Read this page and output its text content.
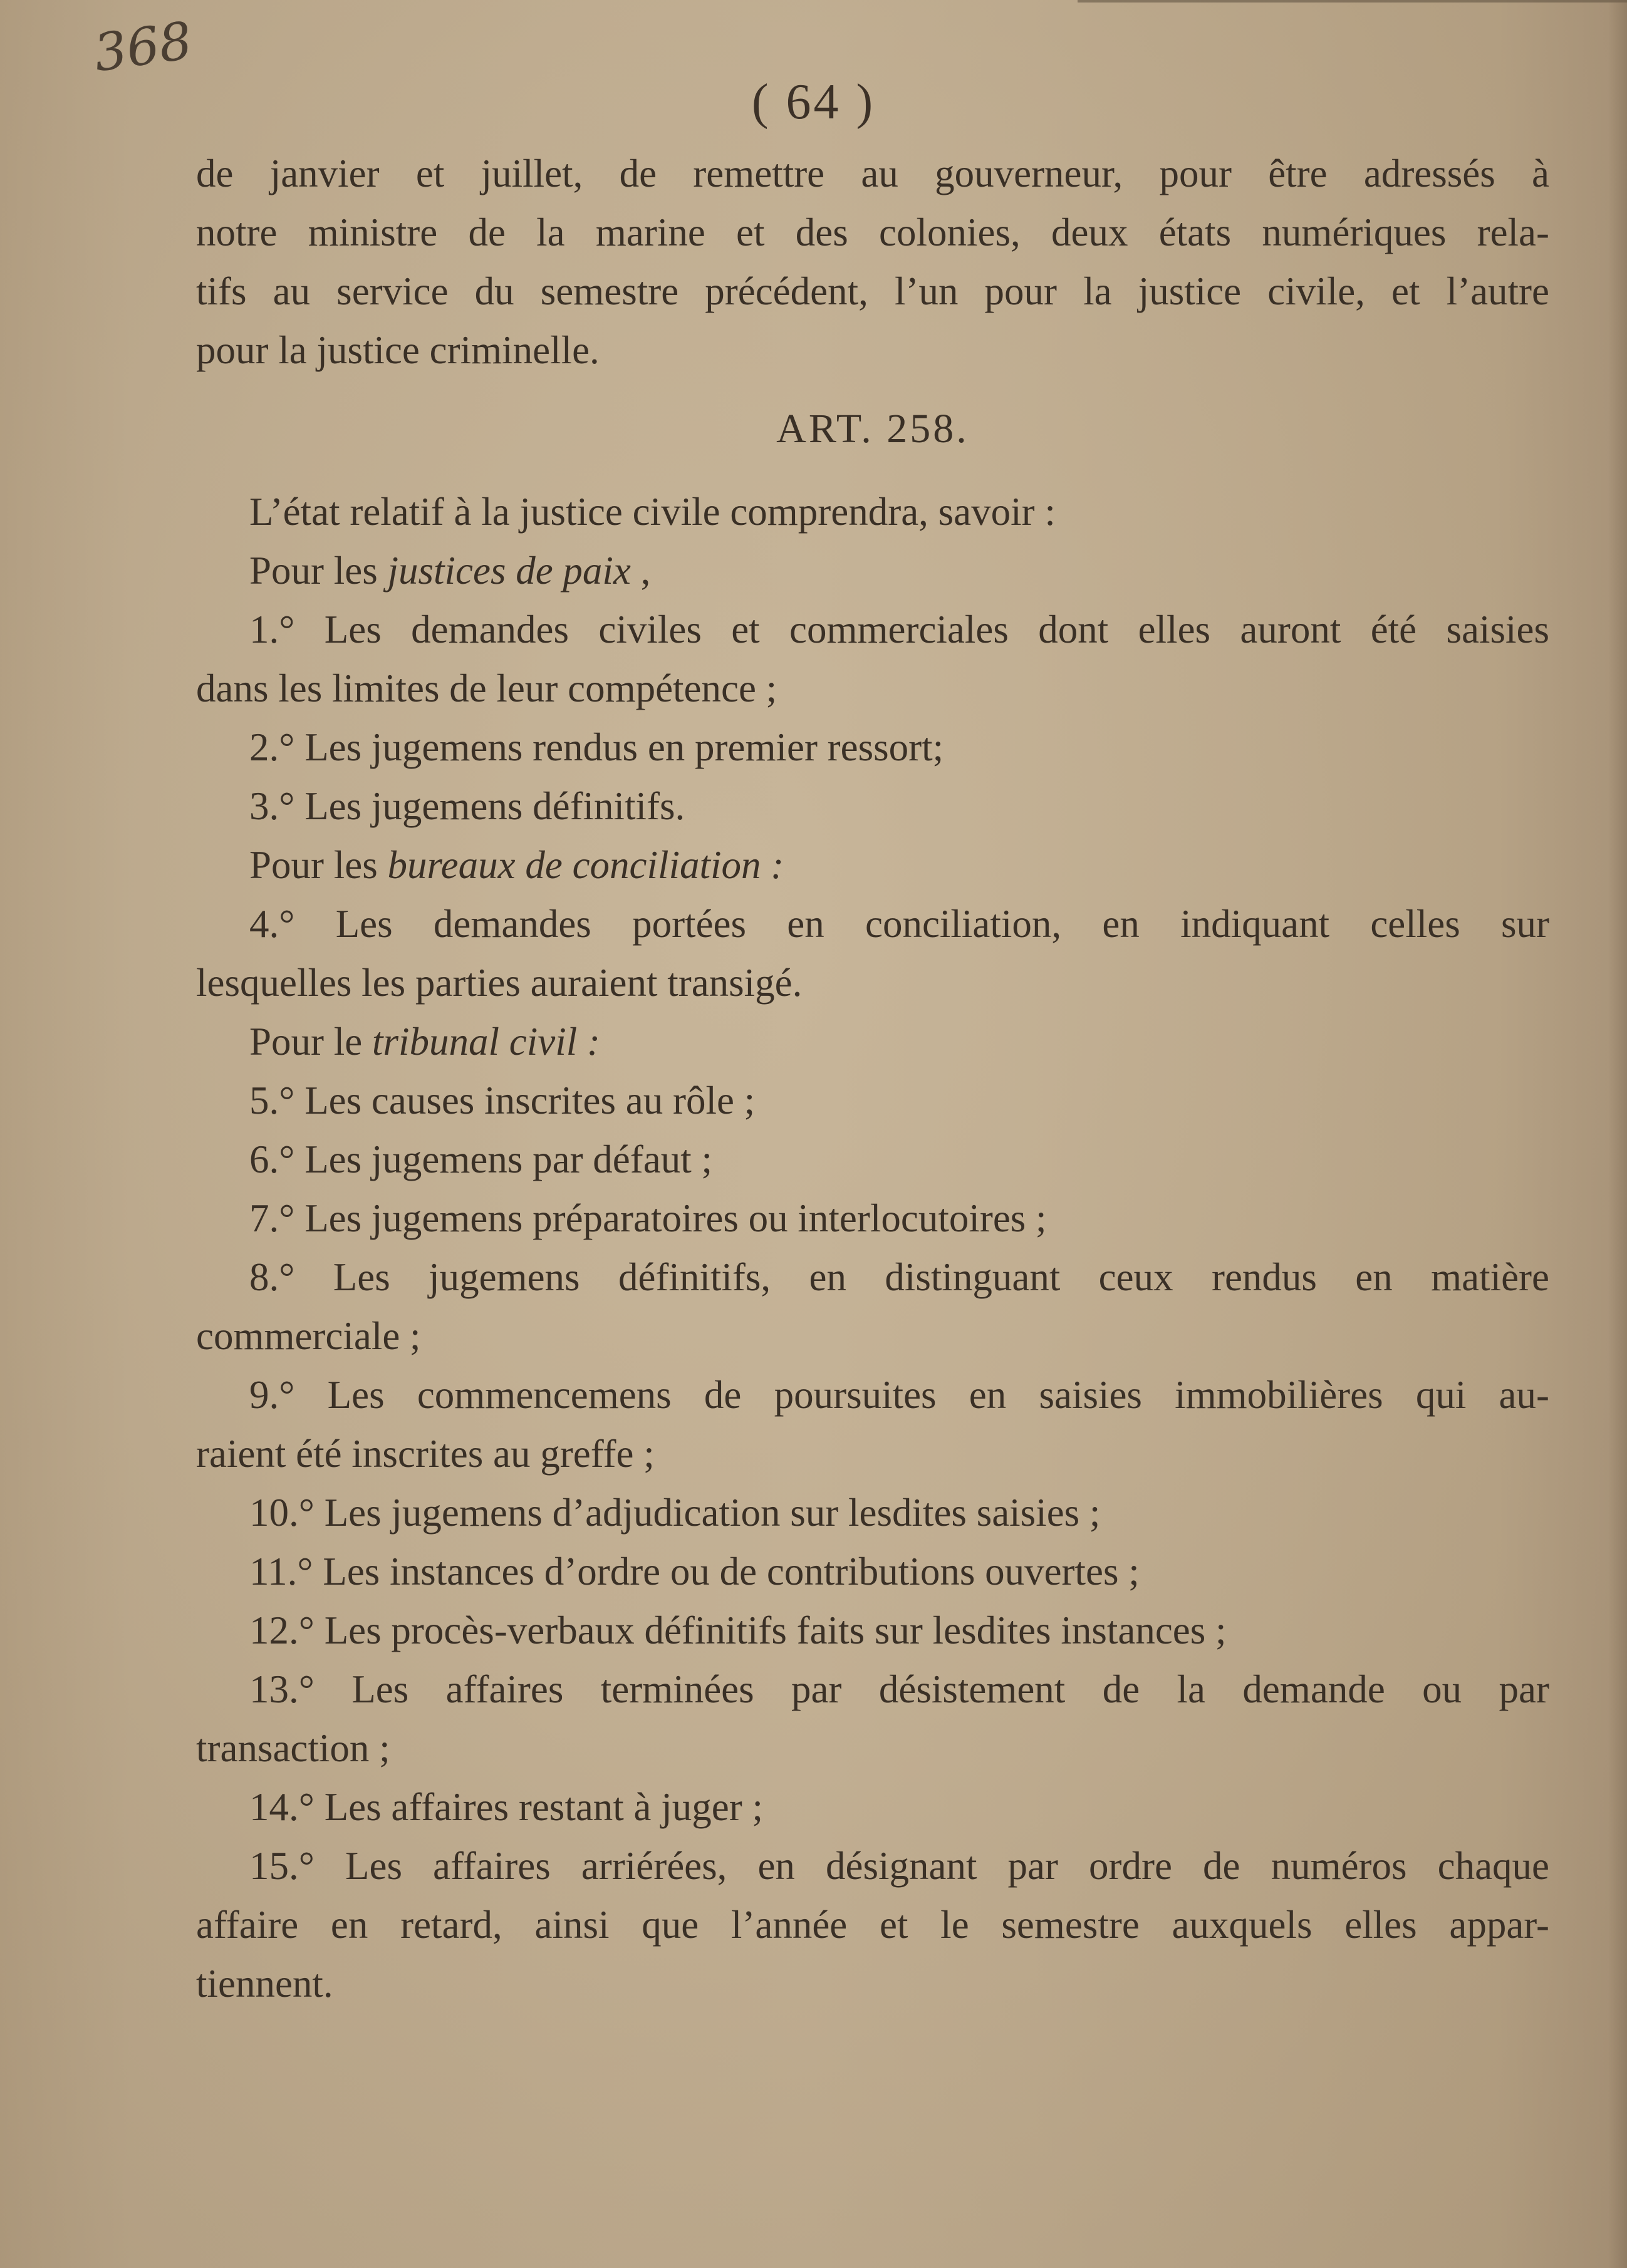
368
( 64 )
de janvier et juillet, de remettre au gouverneur, pour être adressés à
notre ministre de la marine et des colonies, deux états numériques rela-
tifs au service du semestre précédent, l’un pour la justice civile, et l’autre
pour la justice criminelle.
ART. 258.
L’état relatif à la justice civile comprendra, savoir :
Pour les justices de paix ,
1.° Les demandes civiles et commerciales dont elles auront été saisies
dans les limites de leur compétence ;
2.° Les jugemens rendus en premier ressort;
3.° Les jugemens définitifs.
Pour les bureaux de conciliation :
4.° Les demandes portées en conciliation, en indiquant celles sur
lesquelles les parties auraient transigé.
Pour le tribunal civil :
5.° Les causes inscrites au rôle ;
6.° Les jugemens par défaut ;
7.° Les jugemens préparatoires ou interlocutoires ;
8.° Les jugemens définitifs, en distinguant ceux rendus en matière
commerciale ;
9.° Les commencemens de poursuites en saisies immobilières qui au-
raient été inscrites au greffe ;
10.° Les jugemens d’adjudication sur lesdites saisies ;
11.° Les instances d’ordre ou de contributions ouvertes ;
12.° Les procès-verbaux définitifs faits sur lesdites instances ;
13.° Les affaires terminées par désistement de la demande ou par
transaction ;
14.° Les affaires restant à juger ;
15.° Les affaires arriérées, en désignant par ordre de numéros chaque
affaire en retard, ainsi que l’année et le semestre auxquels elles appar-
tiennent.
